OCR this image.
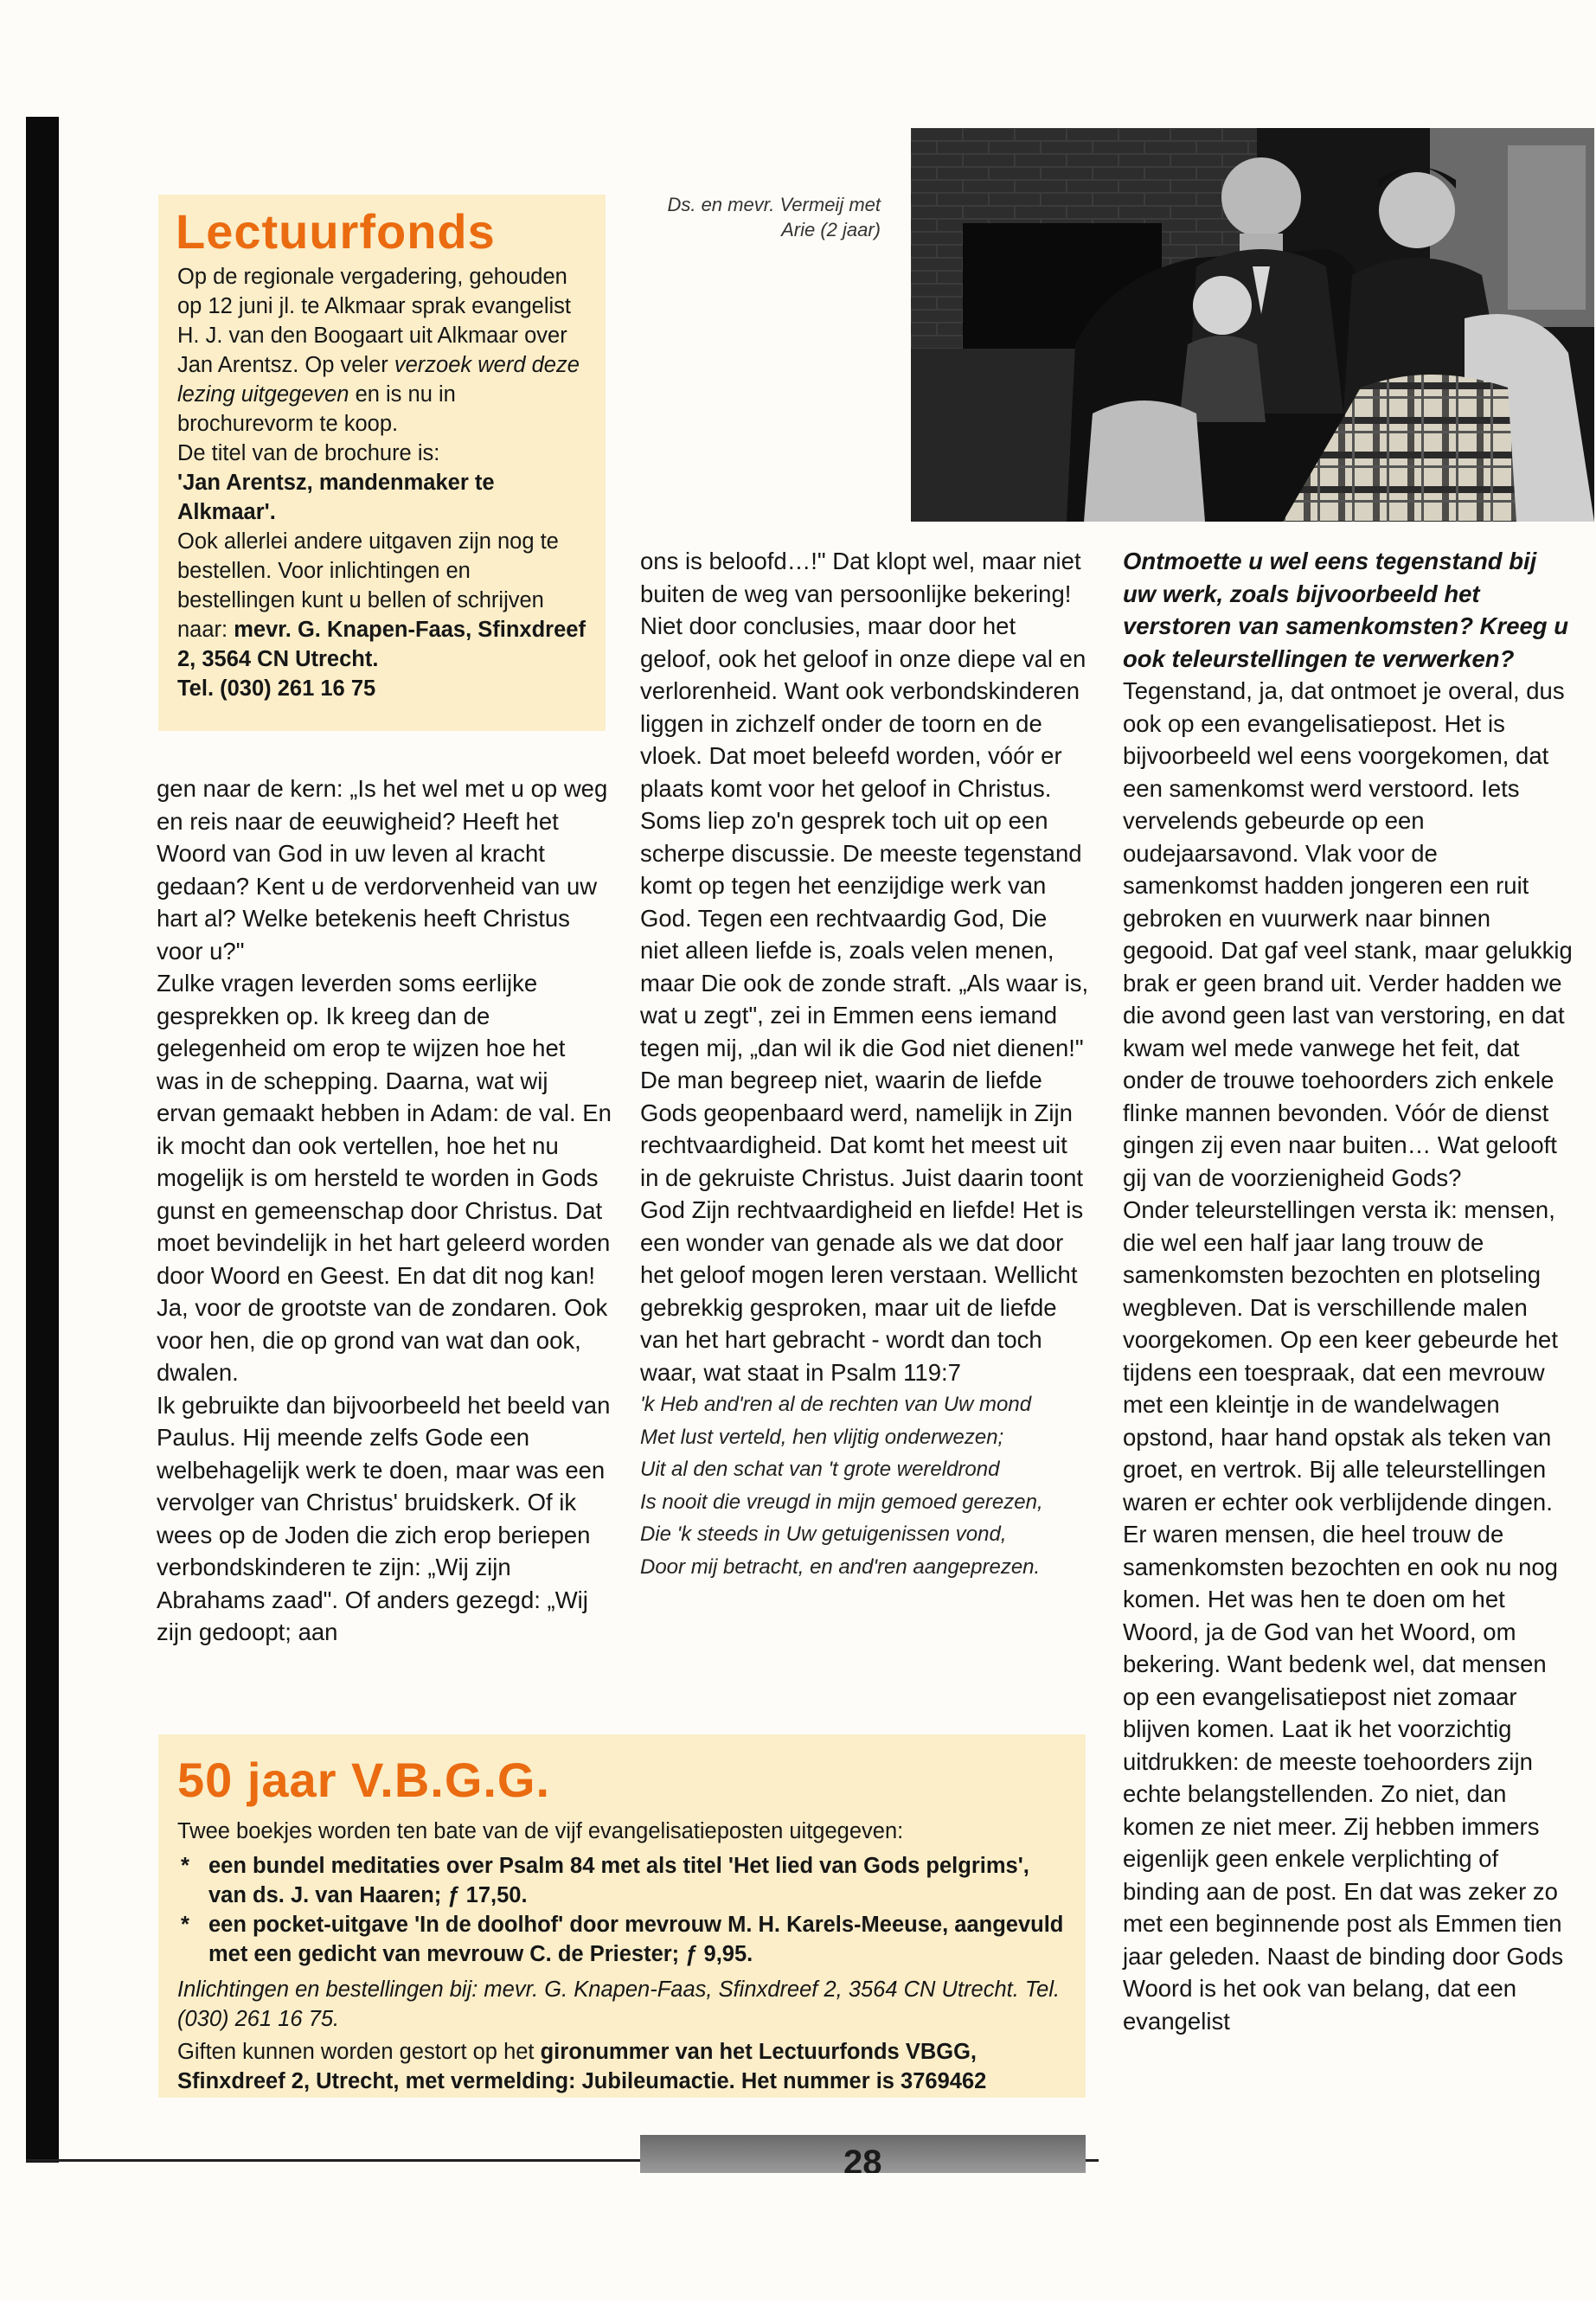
Lectuurfonds

Op de regionale vergadering, gehouden op 12 juni jl. te Alkmaar sprak evangelist H. J. van den Boogaart uit Alkmaar over Jan Arentsz. Op veler verzoek werd deze lezing uitgegeven en is nu in brochurevorm te koop.

De titel van de brochure is:

'Jan Arentsz, mandenmaker te Alkmaar'.

Ook allerlei andere uitgaven zijn nog te bestellen. Voor inlichtingen en bestellingen kunt u bellen of schrijven naar: mevr. G. Knapen-Faas, Sfinxdreef 2, 3564 CN Utrecht.

Tel. (030) 261 16 75

Ds. en mevr. Vermeij met Arie (2 jaar)

gen naar de kern: „Is het wel met u op weg en reis naar de eeuwigheid? Heeft het Woord van God in uw leven al kracht gedaan? Kent u de verdorvenheid van uw hart al? Welke betekenis heeft Christus voor u?"

Zulke vragen leverden soms eerlijke gesprekken op. Ik kreeg dan de gelegenheid om erop te wijzen hoe het was in de schepping. Daarna, wat wij ervan gemaakt hebben in Adam: de val. En ik mocht dan ook vertellen, hoe het nu mogelijk is om hersteld te worden in Gods gunst en gemeenschap door Christus. Dat moet bevindelijk in het hart geleerd worden door Woord en Geest. En dat dit nog kan! Ja, voor de grootste van de zondaren. Ook voor hen, die op grond van wat dan ook, dwalen.

Ik gebruikte dan bijvoorbeeld het beeld van Paulus. Hij meende zelfs Gode een welbehagelijk werk te doen, maar was een vervolger van Christus' bruidskerk. Of ik wees op de Joden die zich erop beriepen verbondskinderen te zijn: „Wij zijn Abrahams zaad". Of anders gezegd: „Wij zijn gedoopt; aan

ons is beloofd…!" Dat klopt wel, maar niet buiten de weg van persoonlijke bekering! Niet door conclusies, maar door het geloof, ook het geloof in onze diepe val en verlorenheid. Want ook verbondskinderen liggen in zichzelf onder de toorn en de vloek. Dat moet beleefd worden, vóór er plaats komt voor het geloof in Christus.

Soms liep zo'n gesprek toch uit op een scherpe discussie. De meeste tegenstand komt op tegen het eenzijdige werk van God. Tegen een rechtvaardig God, Die niet alleen liefde is, zoals velen menen, maar Die ook de zonde straft. „Als waar is, wat u zegt", zei in Emmen eens iemand tegen mij, „dan wil ik die God niet dienen!" De man begreep niet, waarin de liefde Gods geopenbaard werd, namelijk in Zijn rechtvaardigheid. Dat komt het meest uit in de gekruiste Christus. Juist daarin toont God Zijn rechtvaardigheid en liefde! Het is een wonder van genade als we dat door het geloof mogen leren verstaan. Wellicht gebrekkig gesproken, maar uit de liefde van het hart gebracht - wordt dan toch waar, wat staat in Psalm 119:7

'k Heb and'ren al de rechten van Uw mond
Met lust verteld, hen vlijtig onderwezen;
Uit al den schat van 't grote wereldrond
Is nooit die vreugd in mijn gemoed gerezen,
Die 'k steeds in Uw getuigenissen vond,
Door mij betracht, en and'ren aangeprezen.

Ontmoette u wel eens tegenstand bij uw werk, zoals bijvoorbeeld het verstoren van samenkomsten? Kreeg u ook teleurstellingen te verwerken?

Tegenstand, ja, dat ontmoet je overal, dus ook op een evangelisatiepost. Het is bijvoorbeeld wel eens voorgekomen, dat een samenkomst werd verstoord. Iets vervelends gebeurde op een oudejaarsavond. Vlak voor de samenkomst hadden jongeren een ruit gebroken en vuurwerk naar binnen gegooid. Dat gaf veel stank, maar gelukkig brak er geen brand uit. Verder hadden we die avond geen last van verstoring, en dat kwam wel mede vanwege het feit, dat onder de trouwe toehoorders zich enkele flinke mannen bevonden. Vóór de dienst gingen zij even naar buiten… Wat gelooft gij van de voorzienigheid Gods?

Onder teleurstellingen versta ik: mensen, die wel een half jaar lang trouw de samenkomsten bezochten en plotseling wegbleven. Dat is verschillende malen voorgekomen. Op een keer gebeurde het tijdens een toespraak, dat een mevrouw met een kleintje in de wandelwagen opstond, haar hand opstak als teken van groet, en vertrok. Bij alle teleurstellingen waren er echter ook verblijdende dingen. Er waren mensen, die heel trouw de samenkomsten bezochten en ook nu nog komen. Het was hen te doen om het Woord, ja de God van het Woord, om bekering. Want bedenk wel, dat mensen op een evangelisatiepost niet zomaar blijven komen. Laat ik het voorzichtig uitdrukken: de meeste toehoorders zijn echte belangstellenden. Zo niet, dan komen ze niet meer. Zij hebben immers eigenlijk geen enkele verplichting of binding aan de post. En dat was zeker zo met een beginnende post als Emmen tien jaar geleden. Naast de binding door Gods Woord is het ook van belang, dat een evangelist

50 jaar V.B.G.G.
Twee boekjes worden ten bate van de vijf evangelisatieposten uitgegeven:
* een bundel meditaties over Psalm 84 met als titel 'Het lied van Gods pelgrims', van ds. J. van Haaren; ƒ 17,50.
* een pocket-uitgave 'In de doolhof' door mevrouw M. H. Karels-Meeuse, aangevuld met een gedicht van mevrouw C. de Priester; ƒ 9,95.
Inlichtingen en bestellingen bij: mevr. G. Knapen-Faas, Sfinxdreef 2, 3564 CN Utrecht. Tel. (030) 261 16 75.
Giften kunnen worden gestort op het gironummer van het Lectuurfonds VBGG, Sfinxdreef 2, Utrecht, met vermelding: Jubileumactie. Het nummer is 3769462
28
